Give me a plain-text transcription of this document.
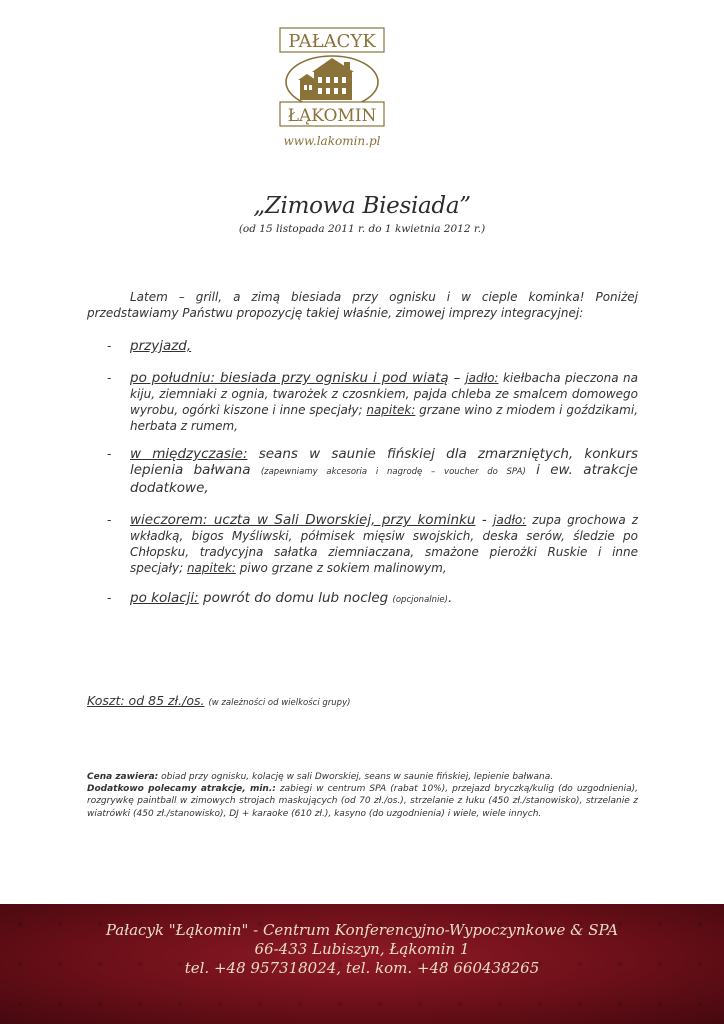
PAŁACYK
ŁĄKOMIN
www.lakomin.pl
„Zimowa Biesiada”
(od 15 listopada 2011 r. do 1 kwietnia 2012 r.)
Latem – grill, a zimą biesiada przy ognisku i w cieple kominka! Poniżej przedstawiamy Państwu propozycję takiej właśnie, zimowej imprezy integracyjnej:
- przyjazd,
- po południu: biesiada przy ognisku i pod wiatą – jadło: kiełbacha pieczona na kiju, ziemniaki z ognia, twarożek z czosnkiem, pajda chleba ze smalcem domowego wyrobu, ogórki kiszone i inne specjały; napitek: grzane wino z miodem i goździkami, herbata z rumem,
- w międzyczasie: seans w saunie fińskiej dla zmarzniętych, konkurs lepienia bałwana (zapewniamy akcesoria i nagrodę – voucher do SPA) i ew. atrakcje dodatkowe,
- wieczorem: uczta w Sali Dworskiej, przy kominku - jadło: zupa grochowa z wkładką, bigos Myśliwski, półmisek mięsiw swojskich, deska serów, śledzie po Chłopsku, tradycyjna sałatka ziemniaczana, smażone pierożki Ruskie i inne specjały; napitek: piwo grzane z sokiem malinowym,
- po kolacji: powrót do domu lub nocleg (opcjonalnie).
Koszt: od 85 zł./os. (w zależności od wielkości grupy)
Cena zawiera: obiad przy ognisku, kolację w sali Dworskiej, seans w saunie fińskiej, lepienie bałwana.
Dodatkowo polecamy atrakcje, min.: zabiegi w centrum SPA (rabat 10%), przejazd bryczką/kulig (do uzgodnienia), rozgrywkę paintball w zimowych strojach maskujących (od 70 zł./os.), strzelanie z łuku (450 zł./stanowisko), strzelanie z wiatrówki (450 zł./stanowisko), DJ + karaoke (610 zł.), kasyno (do uzgodnienia) i wiele, wiele innych.
Pałacyk "Łąkomin" - Centrum Konferencyjno-Wypoczynkowe & SPA
66-433 Lubiszyn, Łąkomin 1
tel. +48 957318024, tel. kom. +48 660438265
